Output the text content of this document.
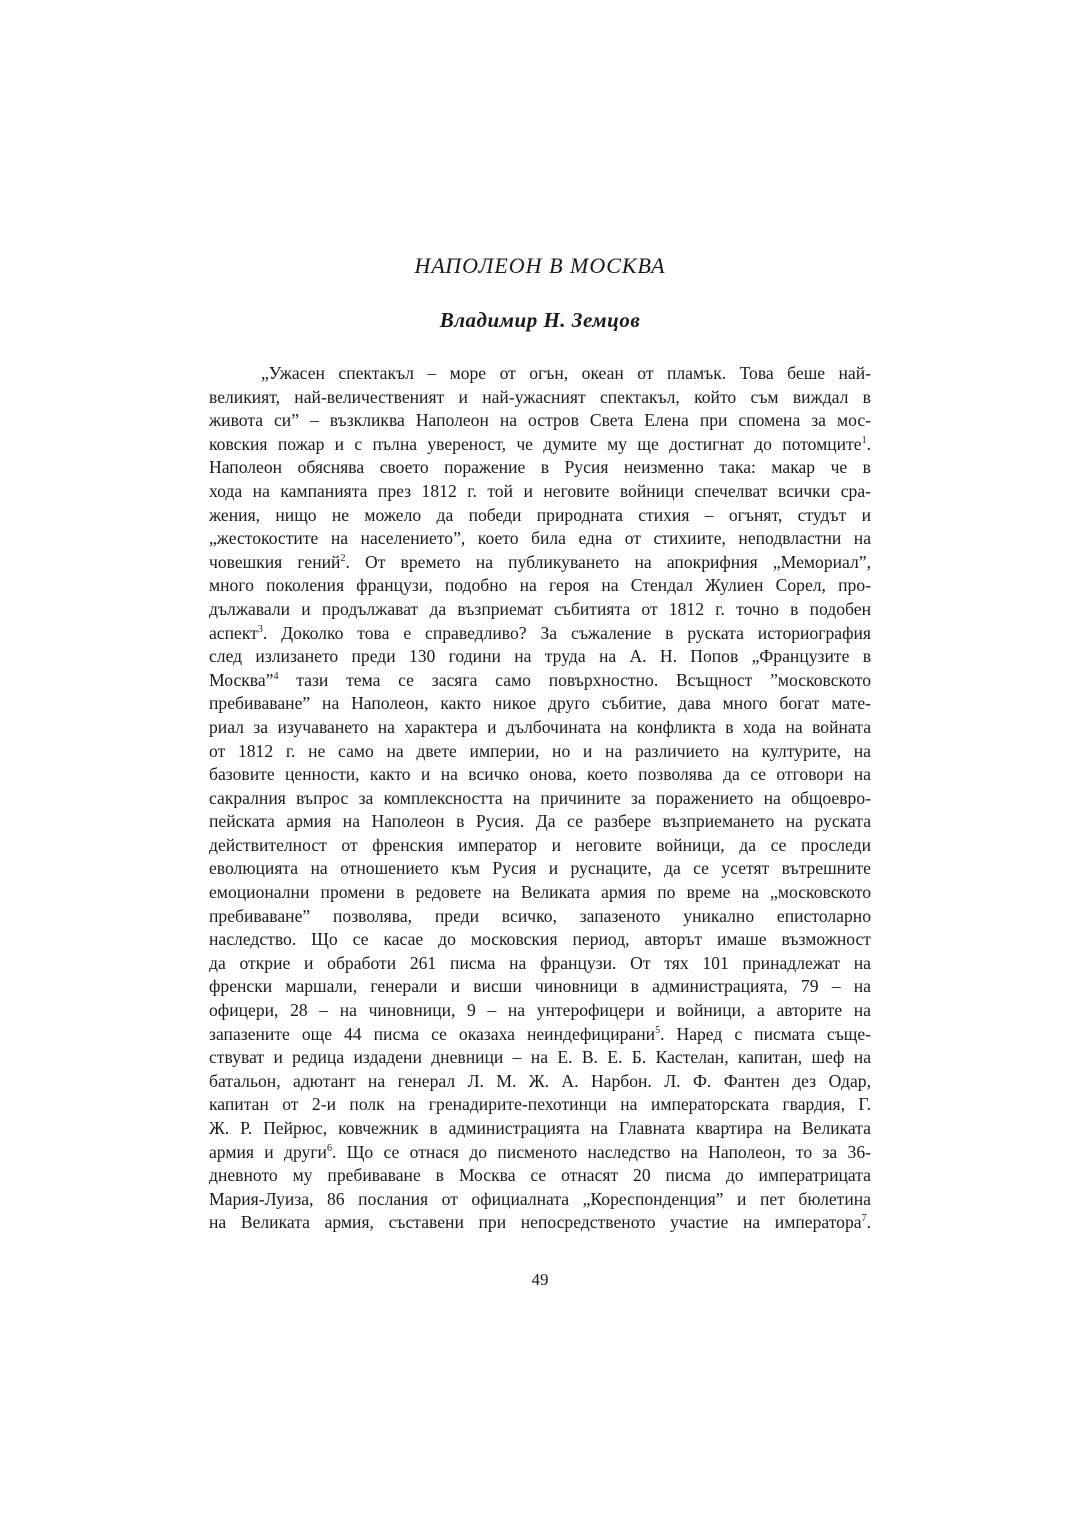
НАПОЛЕОН В МОСКВА
Владимир Н. Земцов
„Ужасен спектакъл – море от огън, океан от пламък. Това беше най-
великият, най-величественият и най-ужасният спектакъл, който съм виждал в
живота си” – възкликва Наполеон на остров Света Елена при спомена за мос-
ковския пожар и с пълна увереност, че думите му ще достигнат до потомците$^1$.
Наполеон обяснява своето поражение в Русия неизменно така: макар че в
хода на кампанията през 1812 г. той и неговите войници спечелват всички сра-
жения, нищо не можело да победи природната стихия – огънят, студът и
„жестокостите на населението”, което била една от стихиите, неподвластни на
човешкия гений$^2$. От времето на публикуването на апокрифния „Мемориал”,
много поколения французи, подобно на героя на Стендал Жулиен Сорел, про-
дължавали и продължават да възприемат събитията от 1812 г. точно в подобен
аспект$^3$. Доколко това е справедливо? За съжаление в руската историография
след излизането преди 130 години на труда на А. Н. Попов „Французите в
Москва”$^4$ тази тема се засяга само повърхностно. Всъщност ”московското
пребиваване” на Наполеон, както никое друго събитие, дава много богат мате-
риал за изучаването на характера и дълбочината на конфликта в хода на войната
от 1812 г. не само на двете империи, но и на различието на културите, на
базовите ценности, както и на всичко онова, което позволява да се отговори на
сакралния въпрос за комплексността на причините за поражението на общоевро-
пейската армия на Наполеон в Русия. Да се разбере възприемането на руската
действителност от френския император и неговите войници, да се проследи
еволюцията на отношението към Русия и руснаците, да се усетят вътрешните
емоционални промени в редовете на Великата армия по време на „московското
пребиваване” позволява, преди всичко, запазеното уникално епистоларно
наследство. Що се касае до московския период, авторът имаше възможност
да открие и обработи 261 писма на французи. От тях 101 принадлежат на
френски маршали, генерали и висши чиновници в администрацията, 79 – на
офицери, 28 – на чиновници, 9 – на унтерофицери и войници, а авторите на
запазените още 44 писма се оказаха неиндефицирани$^5$. Наред с писмата съще-
ствуват и редица издадени дневници – на Е. В. Е. Б. Кастелан, капитан, шеф на
батальон, адютант на генерал Л. М. Ж. А. Нарбон. Л. Ф. Фантен дез Одар,
капитан от 2-и полк на гренадирите-пехотинци на императорската гвардия, Г.
Ж. Р. Пейрюс, ковчежник в администрацията на Главната квартира на Великата
армия и други$^6$. Що се отнася до писменото наследство на Наполеон, то за 36-
дневното му пребиваване в Москва се отнасят 20 писма до императрицата
Мария-Луиза, 86 послания от официалната „Кореспонденция” и пет бюлетина
на Великата армия, съставени при непосредственото участие на императора$^7$.
49
